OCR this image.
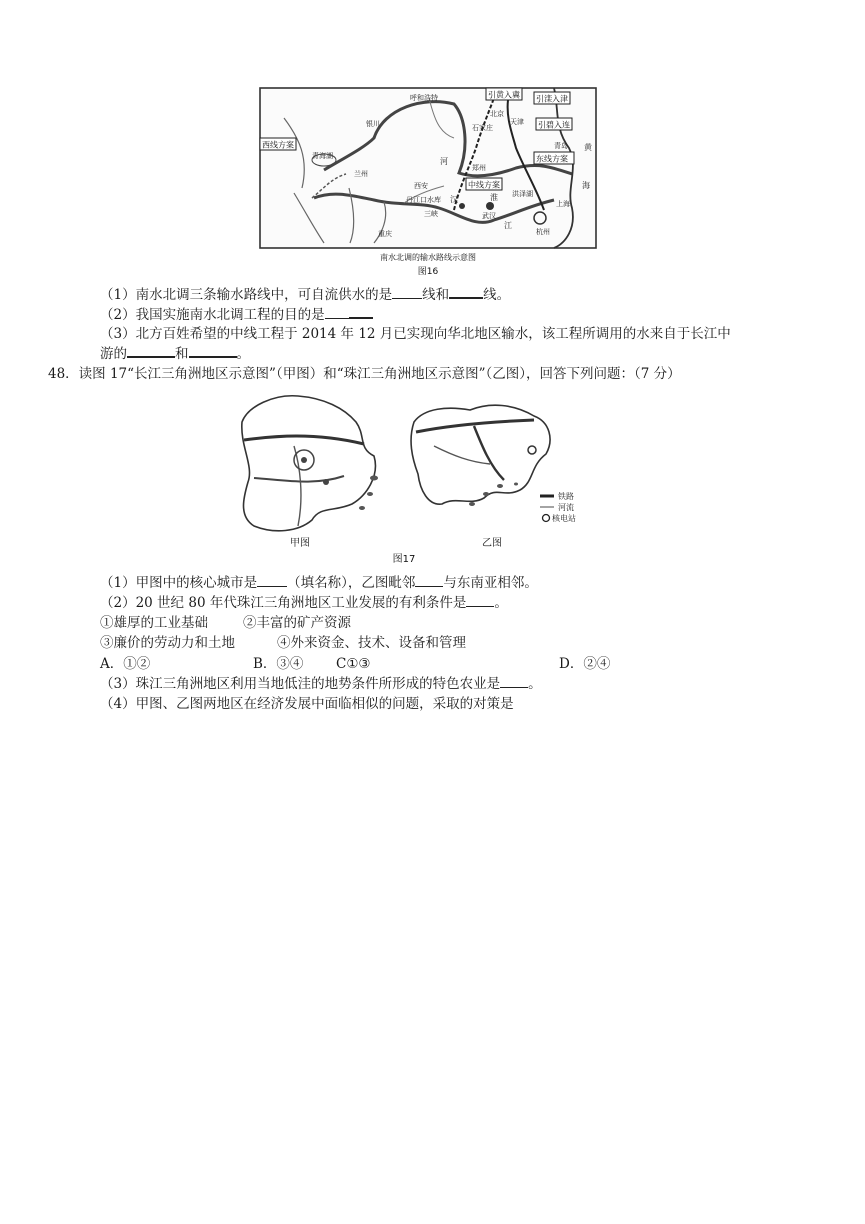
西线方案
引黄入冀 引滦入津
引碧入连
东线方案
中线方案
青海湖
呼和浩特
银川
兰州
西安
北京
天津
石家庄
郑州
丹江口水库
武汉
上海
重庆
洪泽湖
杭州
青岛
海
黄
河
江
汉	淮
三峡
南水北调的输水路线示意图
图16
（1）南水北调三条输水路线中，可自流供水的是 线和	线。
（2）我国实施南水北调工程的目的是
（3）北方百姓希望的中线工程于 2014 年 12 月已实现向华北地区输水，该工程所调用的水来自于长江中
游的	和	。
48．读图 17“长江三角洲地区示意图”（甲图）和“珠江三角洲地区示意图”（乙图），回答下列问题：（7 分）
铁路
河流
核电站
甲图	乙图
图17
（1）甲图中的核心城市是 （填名称），乙图毗邻 与东南亚相邻。
（2）20 世纪 80 年代珠江三角洲地区工业发展的有利条件是 。
①雄厚的工业基础	②丰富的矿产资源
③廉价的劳动力和土地	④外来资金、技术、设备和管理
A．①②	B．③④ C①③	D．②④
（3）珠江三角洲地区利用当地低洼的地势条件所形成的特色农业是 。
（4）甲图、乙图两地区在经济发展中面临相似的问题，采取的对策是
